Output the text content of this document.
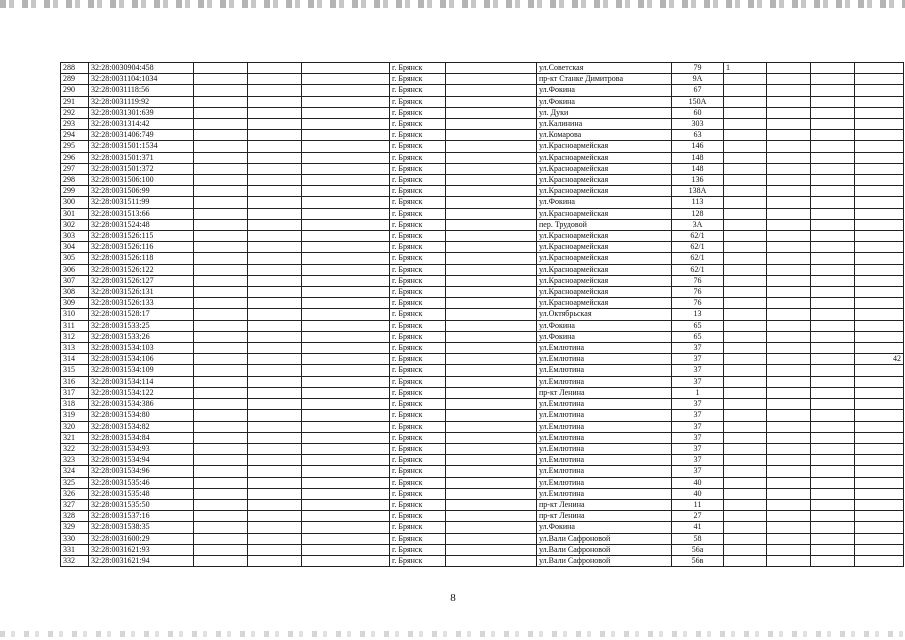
288	32:28:0030904:458				г. Брянск		ул.Советская	79	1			
289	32:28:0031104:1034				г. Брянск		пр-кт Станке Димитрова	9А				
290	32:28:0031118:56				г. Брянск		ул.Фокина	67				
291	32:28:0031119:92				г. Брянск		ул.Фокина	150А				
292	32:28:0031301:639				г. Брянск		ул. Дуки	60				
293	32:28:0031314:42				г. Брянск		ул.Калинина	303				
294	32:28:0031406:749				г. Брянск		ул.Комарова	63				
295	32:28:0031501:1534				г. Брянск		ул.Красноармейская	146				
296	32:28:0031501:371				г. Брянск		ул.Красноармейская	148				
297	32:28:0031501:372				г. Брянск		ул.Красноармейская	148				
298	32:28:0031506:100				г. Брянск		ул.Красноармейская	136				
299	32:28:0031506:99				г. Брянск		ул.Красноармейская	138А				
300	32:28:0031511:99				г. Брянск		ул.Фокина	113				
301	32:28:0031513:66				г. Брянск		ул.Красноармейская	128				
302	32:28:0031524:48				г. Брянск		пер. Трудовой	3А				
303	32:28:0031526:115				г. Брянск		ул.Красноармейская	62/1				
304	32:28:0031526:116				г. Брянск		ул.Красноармейская	62/1				
305	32:28:0031526:118				г. Брянск		ул.Красноармейская	62/1				
306	32:28:0031526:122				г. Брянск		ул.Красноармейская	62/1				
307	32:28:0031526:127				г. Брянск		ул.Красноармейская	76				
308	32:28:0031526:131				г. Брянск		ул.Красноармейская	76				
309	32:28:0031526:133				г. Брянск		ул.Красноармейская	76				
310	32:28:0031528:17				г. Брянск		ул.Октябрьская	13				
311	32:28:0031533:25				г. Брянск		ул.Фокина	65				
312	32:28:0031533:26				г. Брянск		ул.Фокина	65				
313	32:28:0031534:103				г. Брянск		ул.Емлютина	37				
314	32:28:0031534:106				г. Брянск		ул.Емлютина	37				42
315	32:28:0031534:109				г. Брянск		ул.Емлютина	37				
316	32:28:0031534:114				г. Брянск		ул.Емлютина	37				
317	32:28:0031534:122				г. Брянск		пр-кт Ленина	1				
318	32:28:0031534:386				г. Брянск		ул.Емлютина	37				
319	32:28:0031534:80				г. Брянск		ул.Емлютина	37				
320	32:28:0031534:82				г. Брянск		ул.Емлютина	37				
321	32:28:0031534:84				г. Брянск		ул.Емлютина	37				
322	32:28:0031534:93				г. Брянск		ул.Емлютина	37				
323	32:28:0031534:94				г. Брянск		ул.Емлютина	37				
324	32:28:0031534:96				г. Брянск		ул.Емлютина	37				
325	32:28:0031535:46				г. Брянск		ул.Емлютина	40				
326	32:28:0031535:48				г. Брянск		ул.Емлютина	40				
327	32:28:0031535:50				г. Брянск		пр-кт Ленина	11				
328	32:28:0031537:16				г. Брянск		пр-кт Ленина	27				
329	32:28:0031538:35				г. Брянск		ул.Фокина	41				
330	32:28:0031600:29				г. Брянск		ул.Вали Сафроновой	58				
331	32:28:0031621:93				г. Брянск		ул.Вали Сафроновой	56а				
332	32:28:0031621:94				г. Брянск		ул.Вали Сафроновой	56в				
8
